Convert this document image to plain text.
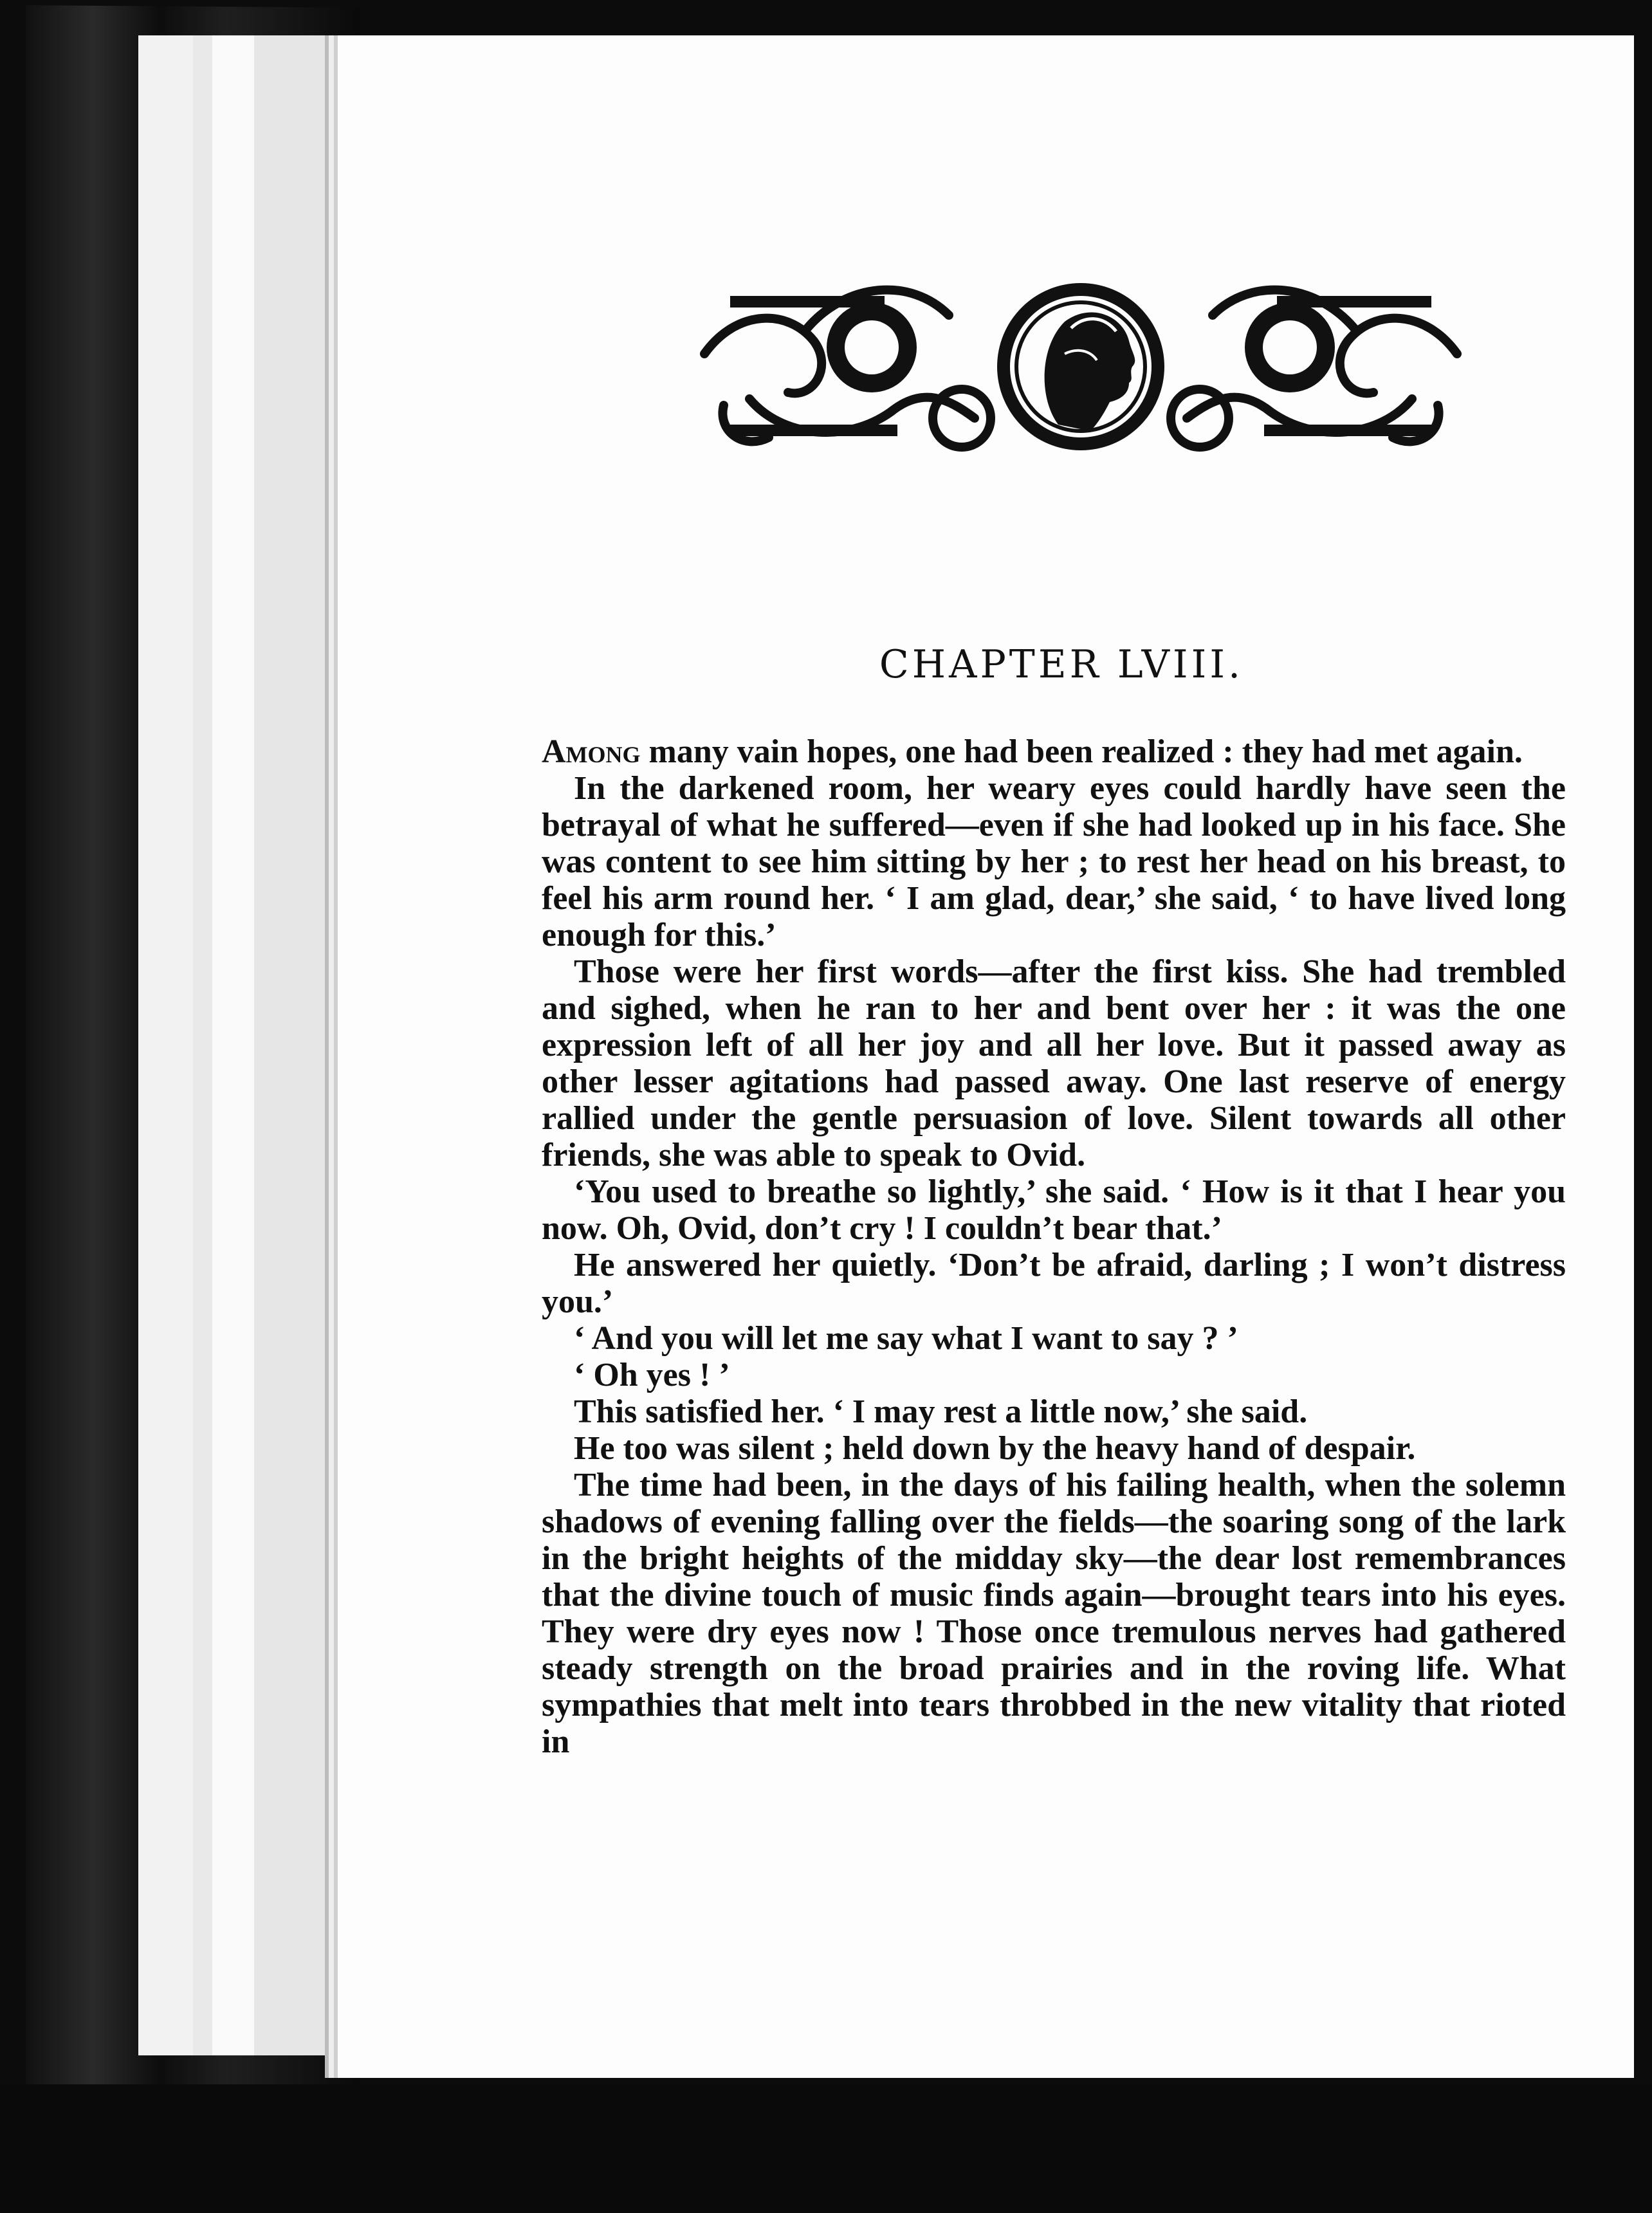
CHAPTER LVIII.

Among many vain hopes, one had been realized : they had met again.

In the darkened room, her weary eyes could hardly have seen the betrayal of what he suffered—even if she had looked up in his face. She was content to see him sitting by her ; to rest her head on his breast, to feel his arm round her. ‘ I am glad, dear,’ she said, ‘ to have lived long enough for this.’

Those were her first words—after the first kiss. She had trembled and sighed, when he ran to her and bent over her : it was the one expression left of all her joy and all her love. But it passed away as other lesser agitations had passed away. One last reserve of energy rallied under the gentle persuasion of love. Silent towards all other friends, she was able to speak to Ovid.

‘You used to breathe so lightly,’ she said. ‘ How is it that I hear you now. Oh, Ovid, don’t cry ! I couldn’t bear that.’

He answered her quietly. ‘Don’t be afraid, darling ; I won’t distress you.’

‘ And you will let me say what I want to say ? ’

‘ Oh yes ! ’

This satisfied her. ‘ I may rest a little now,’ she said.

He too was silent ; held down by the heavy hand of despair.

The time had been, in the days of his failing health, when the solemn shadows of evening falling over the fields—the soaring song of the lark in the bright heights of the midday sky—the dear lost remembrances that the divine touch of music finds again—brought tears into his eyes. They were dry eyes now ! Those once tremulous nerves had gathered steady strength on the broad prairies and in the roving life. What sympathies that melt into tears throbbed in the new vitality that rioted in
